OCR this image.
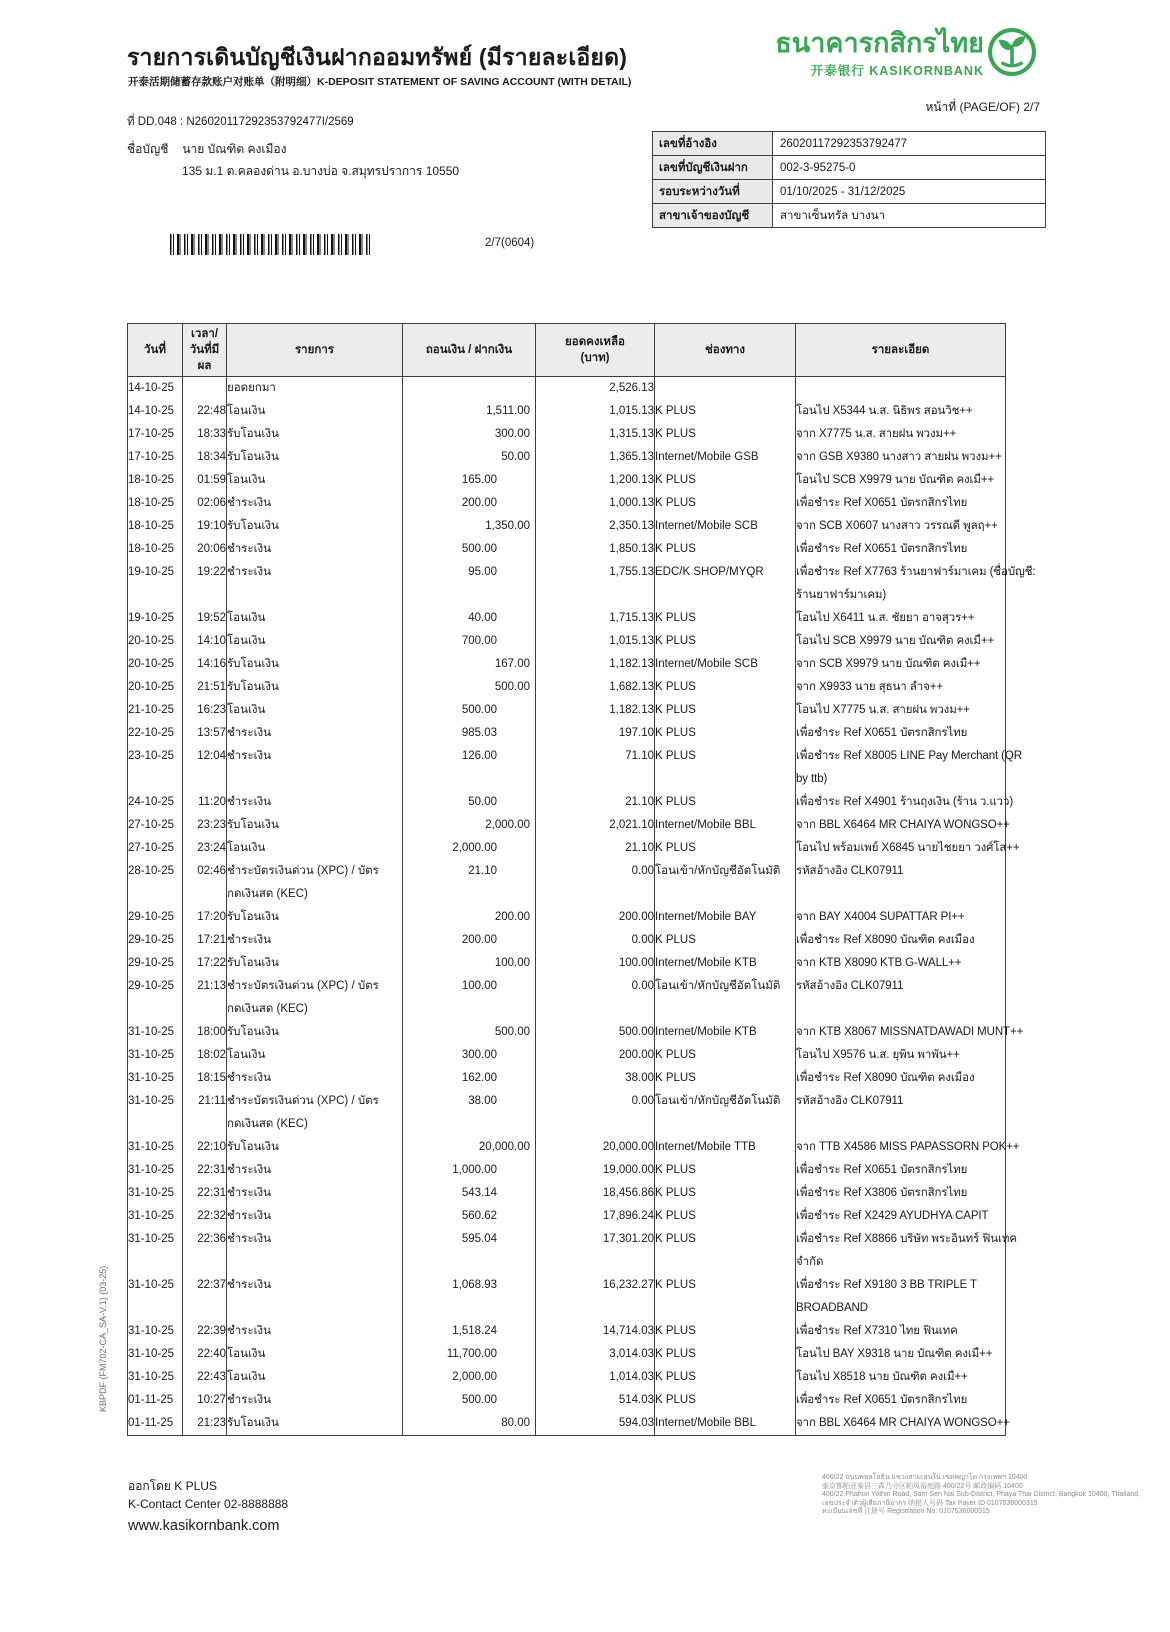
รายการเดินบัญชีเงินฝากออมทรัพย์ (มีรายละเอียด)
开泰活期储蓄存款账户对账单（附明细）K-DEPOSIT STATEMENT OF SAVING ACCOUNT (WITH DETAIL)
ธนาคารกสิกรไทย
开泰银行 KASIKORNBANK
หน้าที่ (PAGE/OF) 2/7
ที่ DD.048 : N26020117292353792477I/2569
ชื่อบัญชี นาย บัณฑิต คงเมือง
135 ม.1 ต.คลองด่าน อ.บางบ่อ จ.สมุทรปราการ 10550
เลขที่อ้างอิง	26020117292353792477
เลขที่บัญชีเงินฝาก	002-3-95275-0
รอบระหว่างวันที่	01/10/2025 - 31/12/2025
สาขาเจ้าของบัญชี	สาขาเซ็นทรัล บางนา
2/7(0604)
วันที่	เวลา/
วันที่มีผล	รายการ	ถอนเงิน / ฝากเงิน	ยอดคงเหลือ
(บาท)	ช่องทาง	รายละเอียด
14-10-25		ยอดยกมา		2,526.13		
14-10-25	22:48	โอนเงิน	1,511.00	1,015.13	K PLUS	โอนไป X5344 น.ส. นิธิพร สอนวิช++
17-10-25	18:33	รับโอนเงิน	300.00	1,315.13	K PLUS	จาก X7775 น.ส. สายฝน พวงม++
17-10-25	18:34	รับโอนเงิน	50.00	1,365.13	Internet/Mobile GSB	จาก GSB X9380 นางสาว สายฝน พวงม++
18-10-25	01:59	โอนเงิน	165.00	1,200.13	K PLUS	โอนไป SCB X9979 นาย บัณฑิต คงเมื++
18-10-25	02:06	ชำระเงิน	200.00	1,000.13	K PLUS	เพื่อชำระ Ref X0651 บัตรกสิกรไทย
18-10-25	19:10	รับโอนเงิน	1,350.00	2,350.13	Internet/Mobile SCB	จาก SCB X0607 นางสาว วรรณดี พูลฤ++
18-10-25	20:06	ชำระเงิน	500.00	1,850.13	K PLUS	เพื่อชำระ Ref X0651 บัตรกสิกรไทย
19-10-25	19:22	ชำระเงิน	95.00	1,755.13	EDC/K SHOP/MYQR	เพื่อชำระ Ref X7763 ร้านยาฟาร์มาเคม (ชื่อบัญชี:
ร้านยาฟาร์มาเคม)
19-10-25	19:52	โอนเงิน	40.00	1,715.13	K PLUS	โอนไป X6411 น.ส. ชัยยา อาจสุวร++
20-10-25	14:10	โอนเงิน	700.00	1,015.13	K PLUS	โอนไป SCB X9979 นาย บัณฑิต คงเมื++
20-10-25	14:16	รับโอนเงิน	167.00	1,182.13	Internet/Mobile SCB	จาก SCB X9979 นาย บัณฑิต คงเมื++
20-10-25	21:51	รับโอนเงิน	500.00	1,682.13	K PLUS	จาก X9933 นาย สุธนา ลำจ++
21-10-25	16:23	โอนเงิน	500.00	1,182.13	K PLUS	โอนไป X7775 น.ส. สายฝน พวงม++
22-10-25	13:57	ชำระเงิน	985.03	197.10	K PLUS	เพื่อชำระ Ref X0651 บัตรกสิกรไทย
23-10-25	12:04	ชำระเงิน	126.00	71.10	K PLUS	เพื่อชำระ Ref X8005 LINE Pay Merchant (QR
by ttb)
24-10-25	11:20	ชำระเงิน	50.00	21.10	K PLUS	เพื่อชำระ Ref X4901 ร้านถุงเงิน (ร้าน ว.แวว)
27-10-25	23:23	รับโอนเงิน	2,000.00	2,021.10	Internet/Mobile BBL	จาก BBL X6464 MR CHAIYA WONGSO++
27-10-25	23:24	โอนเงิน	2,000.00	21.10	K PLUS	โอนไป พร้อมเพย์ X6845 นายไชยยา วงศ์โส++
28-10-25	02:46	ชำระบัตรเงินด่วน (XPC) / บัตร
กดเงินสด (KEC)	21.10	0.00	โอนเข้า/หักบัญชีอัตโนมัติ	รหัสอ้างอิง CLK07911
29-10-25	17:20	รับโอนเงิน	200.00	200.00	Internet/Mobile BAY	จาก BAY X4004 SUPATTAR PI++
29-10-25	17:21	ชำระเงิน	200.00	0.00	K PLUS	เพื่อชำระ Ref X8090 บัณฑิต คงเมือง
29-10-25	17:22	รับโอนเงิน	100.00	100.00	Internet/Mobile KTB	จาก KTB X8090 KTB G-WALL++
29-10-25	21:13	ชำระบัตรเงินด่วน (XPC) / บัตร
กดเงินสด (KEC)	100.00	0.00	โอนเข้า/หักบัญชีอัตโนมัติ	รหัสอ้างอิง CLK07911
31-10-25	18:00	รับโอนเงิน	500.00	500.00	Internet/Mobile KTB	จาก KTB X8067 MISSNATDAWADI MUNT++
31-10-25	18:02	โอนเงิน	300.00	200.00	K PLUS	โอนไป X9576 น.ส. ยุพิน พาพัน++
31-10-25	18:15	ชำระเงิน	162.00	38.00	K PLUS	เพื่อชำระ Ref X8090 บัณฑิต คงเมือง
31-10-25	21:11	ชำระบัตรเงินด่วน (XPC) / บัตร
กดเงินสด (KEC)	38.00	0.00	โอนเข้า/หักบัญชีอัตโนมัติ	รหัสอ้างอิง CLK07911
31-10-25	22:10	รับโอนเงิน	20,000.00	20,000.00	Internet/Mobile TTB	จาก TTB X4586 MISS PAPASSORN POK++
31-10-25	22:31	ชำระเงิน	1,000.00	19,000.00	K PLUS	เพื่อชำระ Ref X0651 บัตรกสิกรไทย
31-10-25	22:31	ชำระเงิน	543.14	18,456.86	K PLUS	เพื่อชำระ Ref X3806 บัตรกสิกรไทย
31-10-25	22:32	ชำระเงิน	560.62	17,896.24	K PLUS	เพื่อชำระ Ref X2429 AYUDHYA CAPIT
31-10-25	22:36	ชำระเงิน	595.04	17,301.20	K PLUS	เพื่อชำระ Ref X8866 บริษัท พระอินทร์ ฟินเทค
จำกัด
31-10-25	22:37	ชำระเงิน	1,068.93	16,232.27	K PLUS	เพื่อชำระ Ref X9180 3 BB TRIPLE T
BROADBAND
31-10-25	22:39	ชำระเงิน	1,518.24	14,714.03	K PLUS	เพื่อชำระ Ref X7310 ไทย ฟินเทค
31-10-25	22:40	โอนเงิน	11,700.00	3,014.03	K PLUS	โอนไป BAY X9318 นาย บัณฑิต คงเมื++
31-10-25	22:43	โอนเงิน	2,000.00	1,014.03	K PLUS	โอนไป X8518 นาย บัณฑิต คงเมื++
01-11-25	10:27	ชำระเงิน	500.00	514.03	K PLUS	เพื่อชำระ Ref X0651 บัตรกสิกรไทย
01-11-25	21:23	รับโอนเงิน	80.00	594.03	Internet/Mobile BBL	จาก BBL X6464 MR CHAIYA WONGSO++
KBPDF (FM702-CA_SA-V.1) (03-25)
ออกโดย K PLUS
K-Contact Center 02-8888888
www.kasikornbank.com
400/22 ถนนพหลโยธิน แขวงสามเสนใน เขตพญาไท กรุงเทพฯ 10400
泰京都帕亚泰县三森乃分区帕凤裕庭路 400/22号 邮政编码 10400
400/22 Phahon Yothin Road, Sam Sen Nai Sub-District, Phaya Thai District, Bangkok 10400, Thailand,
เลขประจำตัวผู้เสียภาษีอากร 纳税人号码 Tax Payer ID 0107536000315
ทะเบียนเลขที่ 注册号 Registration No. 0107536000315
